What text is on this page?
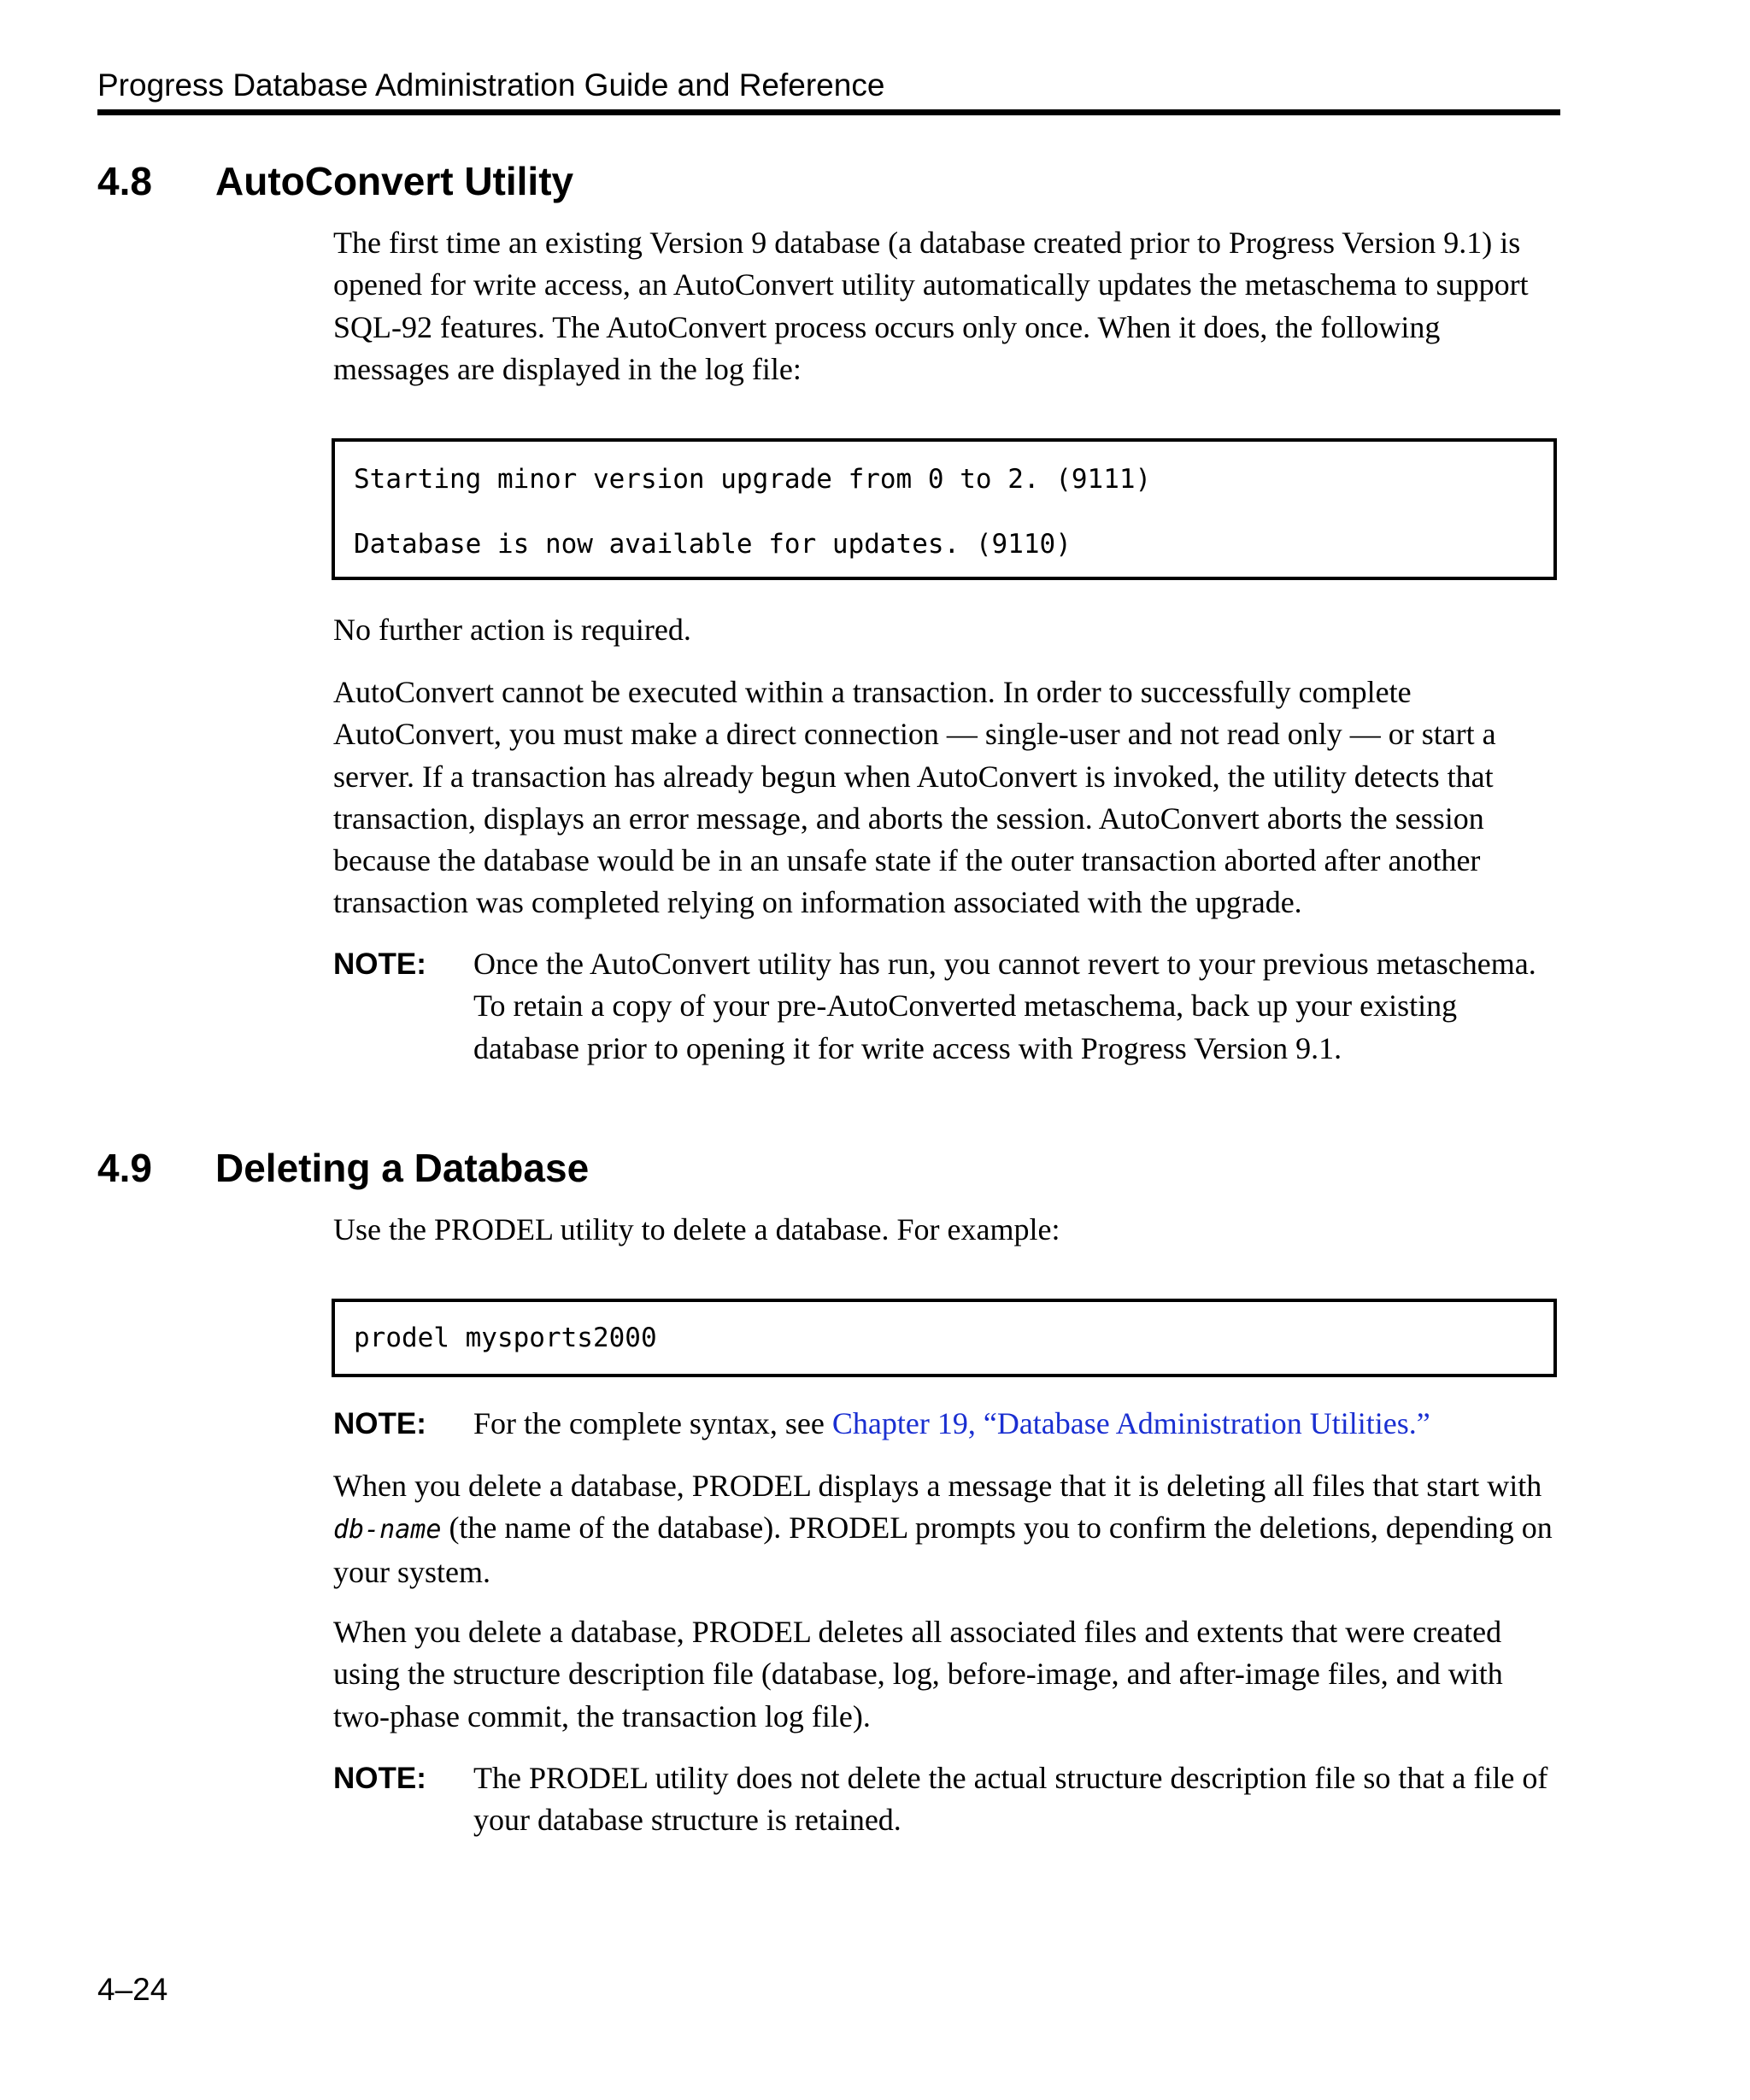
Progress Database Administration Guide and Reference
4.8 AutoConvert Utility

The first time an existing Version 9 database (a database created prior to Progress Version 9.1) is opened for write access, an AutoConvert utility automatically updates the metaschema to support SQL-92 features. The AutoConvert process occurs only once. When it does, the following messages are displayed in the log file:

Starting minor version upgrade from 0 to 2. (9111)
Database is now available for updates. (9110)

No further action is required.

AutoConvert cannot be executed within a transaction. In order to successfully complete AutoConvert, you must make a direct connection — single-user and not read only — or start a server. If a transaction has already begun when AutoConvert is invoked, the utility detects that transaction, displays an error message, and aborts the session. AutoConvert aborts the session because the database would be in an unsafe state if the outer transaction aborted after another transaction was completed relying on information associated with the upgrade.

NOTE: Once the AutoConvert utility has run, you cannot revert to your previous metaschema. To retain a copy of your pre-AutoConverted metaschema, back up your existing database prior to opening it for write access with Progress Version 9.1.

4.9 Deleting a Database

Use the PRODEL utility to delete a database. For example:

prodel mysports2000
NOTE: For the complete syntax, see Chapter 19, “Database Administration Utilities.”

When you delete a database, PRODEL displays a message that it is deleting all files that start with db-name (the name of the database). PRODEL prompts you to confirm the deletions, depending on your system.

When you delete a database, PRODEL deletes all associated files and extents that were created using the structure description file (database, log, before-image, and after-image files, and with two-phase commit, the transaction log file).

NOTE: The PRODEL utility does not delete the actual structure description file so that a file of your database structure is retained.

4–24
